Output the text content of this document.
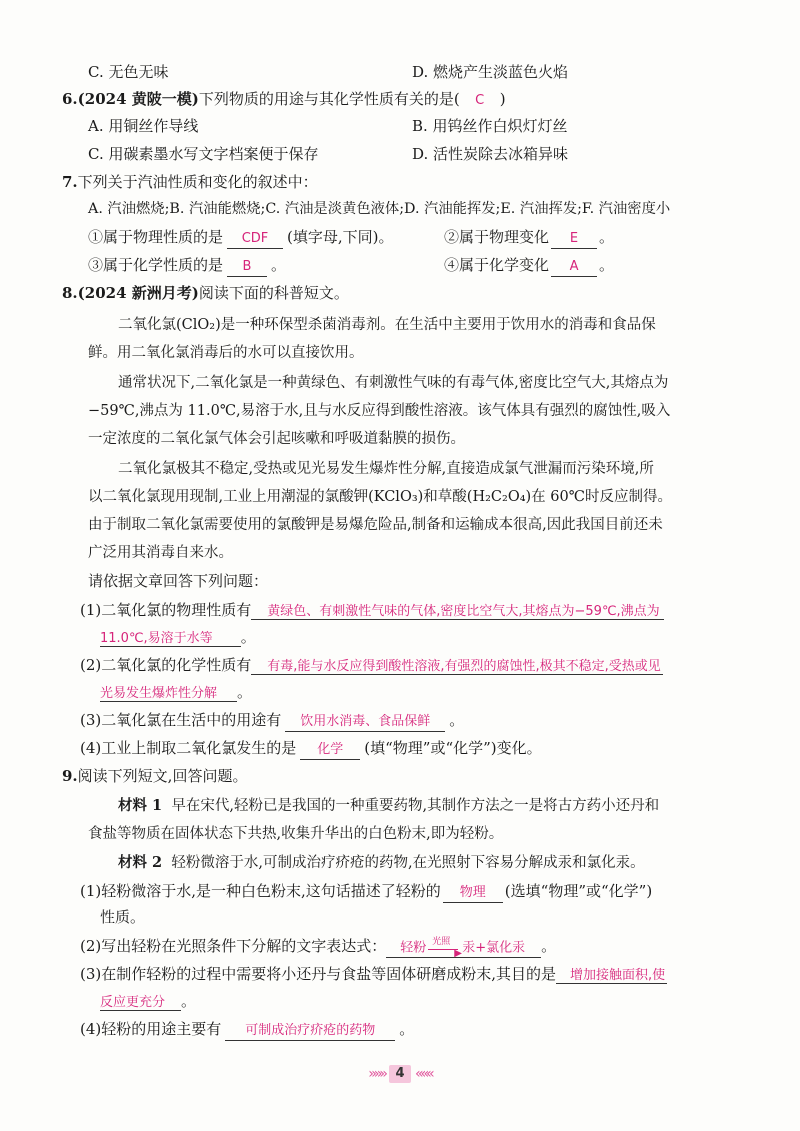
C. 无色无味	D. 燃烧产生淡蓝色火焰
6.(2024 黄陂一模)下列物质的用途与其化学性质有关的是( C )
A. 用铜丝作导线	B. 用钨丝作白炽灯灯丝
C. 用碳素墨水写文字档案便于保存	D. 活性炭除去冰箱异味
7.下列关于汽油性质和变化的叙述中：
A. 汽油燃烧;B. 汽油能燃烧;C. 汽油是淡黄色液体;D. 汽油能挥发;E. 汽油挥发;F. 汽油密度小
①属于物理性质的是 CDF (填字母,下同)。	②属于物理变化 E 。
③属于化学性质的是 B 。	④属于化学变化 A 。
8.(2024 新洲月考)阅读下面的科普短文。
二氧化氯(ClO₂)是一种环保型杀菌消毒剂。在生活中主要用于饮用水的消毒和食品保
鲜。用二氧化氯消毒后的水可以直接饮用。
通常状况下,二氧化氯是一种黄绿色、有刺激性气味的有毒气体,密度比空气大,其熔点为
−59℃,沸点为 11.0℃,易溶于水,且与水反应得到酸性溶液。该气体具有强烈的腐蚀性,吸入
一定浓度的二氧化氯气体会引起咳嗽和呼吸道黏膜的损伤。
二氧化氯极其不稳定,受热或见光易发生爆炸性分解,直接造成氯气泄漏而污染环境,所
以二氧化氯现用现制,工业上用潮湿的氯酸钾(KClO₃)和草酸(H₂C₂O₄)在 60℃时反应制得。
由于制取二氧化氯需要使用的氯酸钾是易爆危险品,制备和运输成本很高,因此我国目前还未
广泛用其消毒自来水。
请依据文章回答下列问题：
(1)二氧化氯的物理性质有 黄绿色、有刺激性气味的气体,密度比空气大,其熔点为−59℃,沸点为
11.0℃,易溶于水等 。
(2)二氧化氯的化学性质有 有毒,能与水反应得到酸性溶液,有强烈的腐蚀性,极其不稳定,受热或见
光易发生爆炸性分解 。
(3)二氧化氯在生活中的用途有 饮用水消毒、食品保鲜 。
(4)工业上制取二氧化氯发生的是 化学 (填“物理”或“化学”)变化。
9.阅读下列短文,回答问题。
材料 1 早在宋代,轻粉已是我国的一种重要药物,其制作方法之一是将古方药小还丹和
食盐等物质在固体状态下共热,收集升华出的白色粉末,即为轻粉。
材料 2 轻粉微溶于水,可制成治疗疥疮的药物,在光照射下容易分解成汞和氯化汞。
(1)轻粉微溶于水,是一种白色粉末,这句话描述了轻粉的 物理 (选填“物理”或“化学”)
性质。
(2)写出轻粉在光照条件下分解的文字表达式： 轻粉 光照
▶ 汞+氯化汞 。
(3)在制作轻粉的过程中需要将小还丹与食盐等固体研磨成粉末,其目的是 增加接触面积,使
反应更充分 。
(4)轻粉的用途主要有 可制成治疗疥疮的药物 。
»»» 4 «««
